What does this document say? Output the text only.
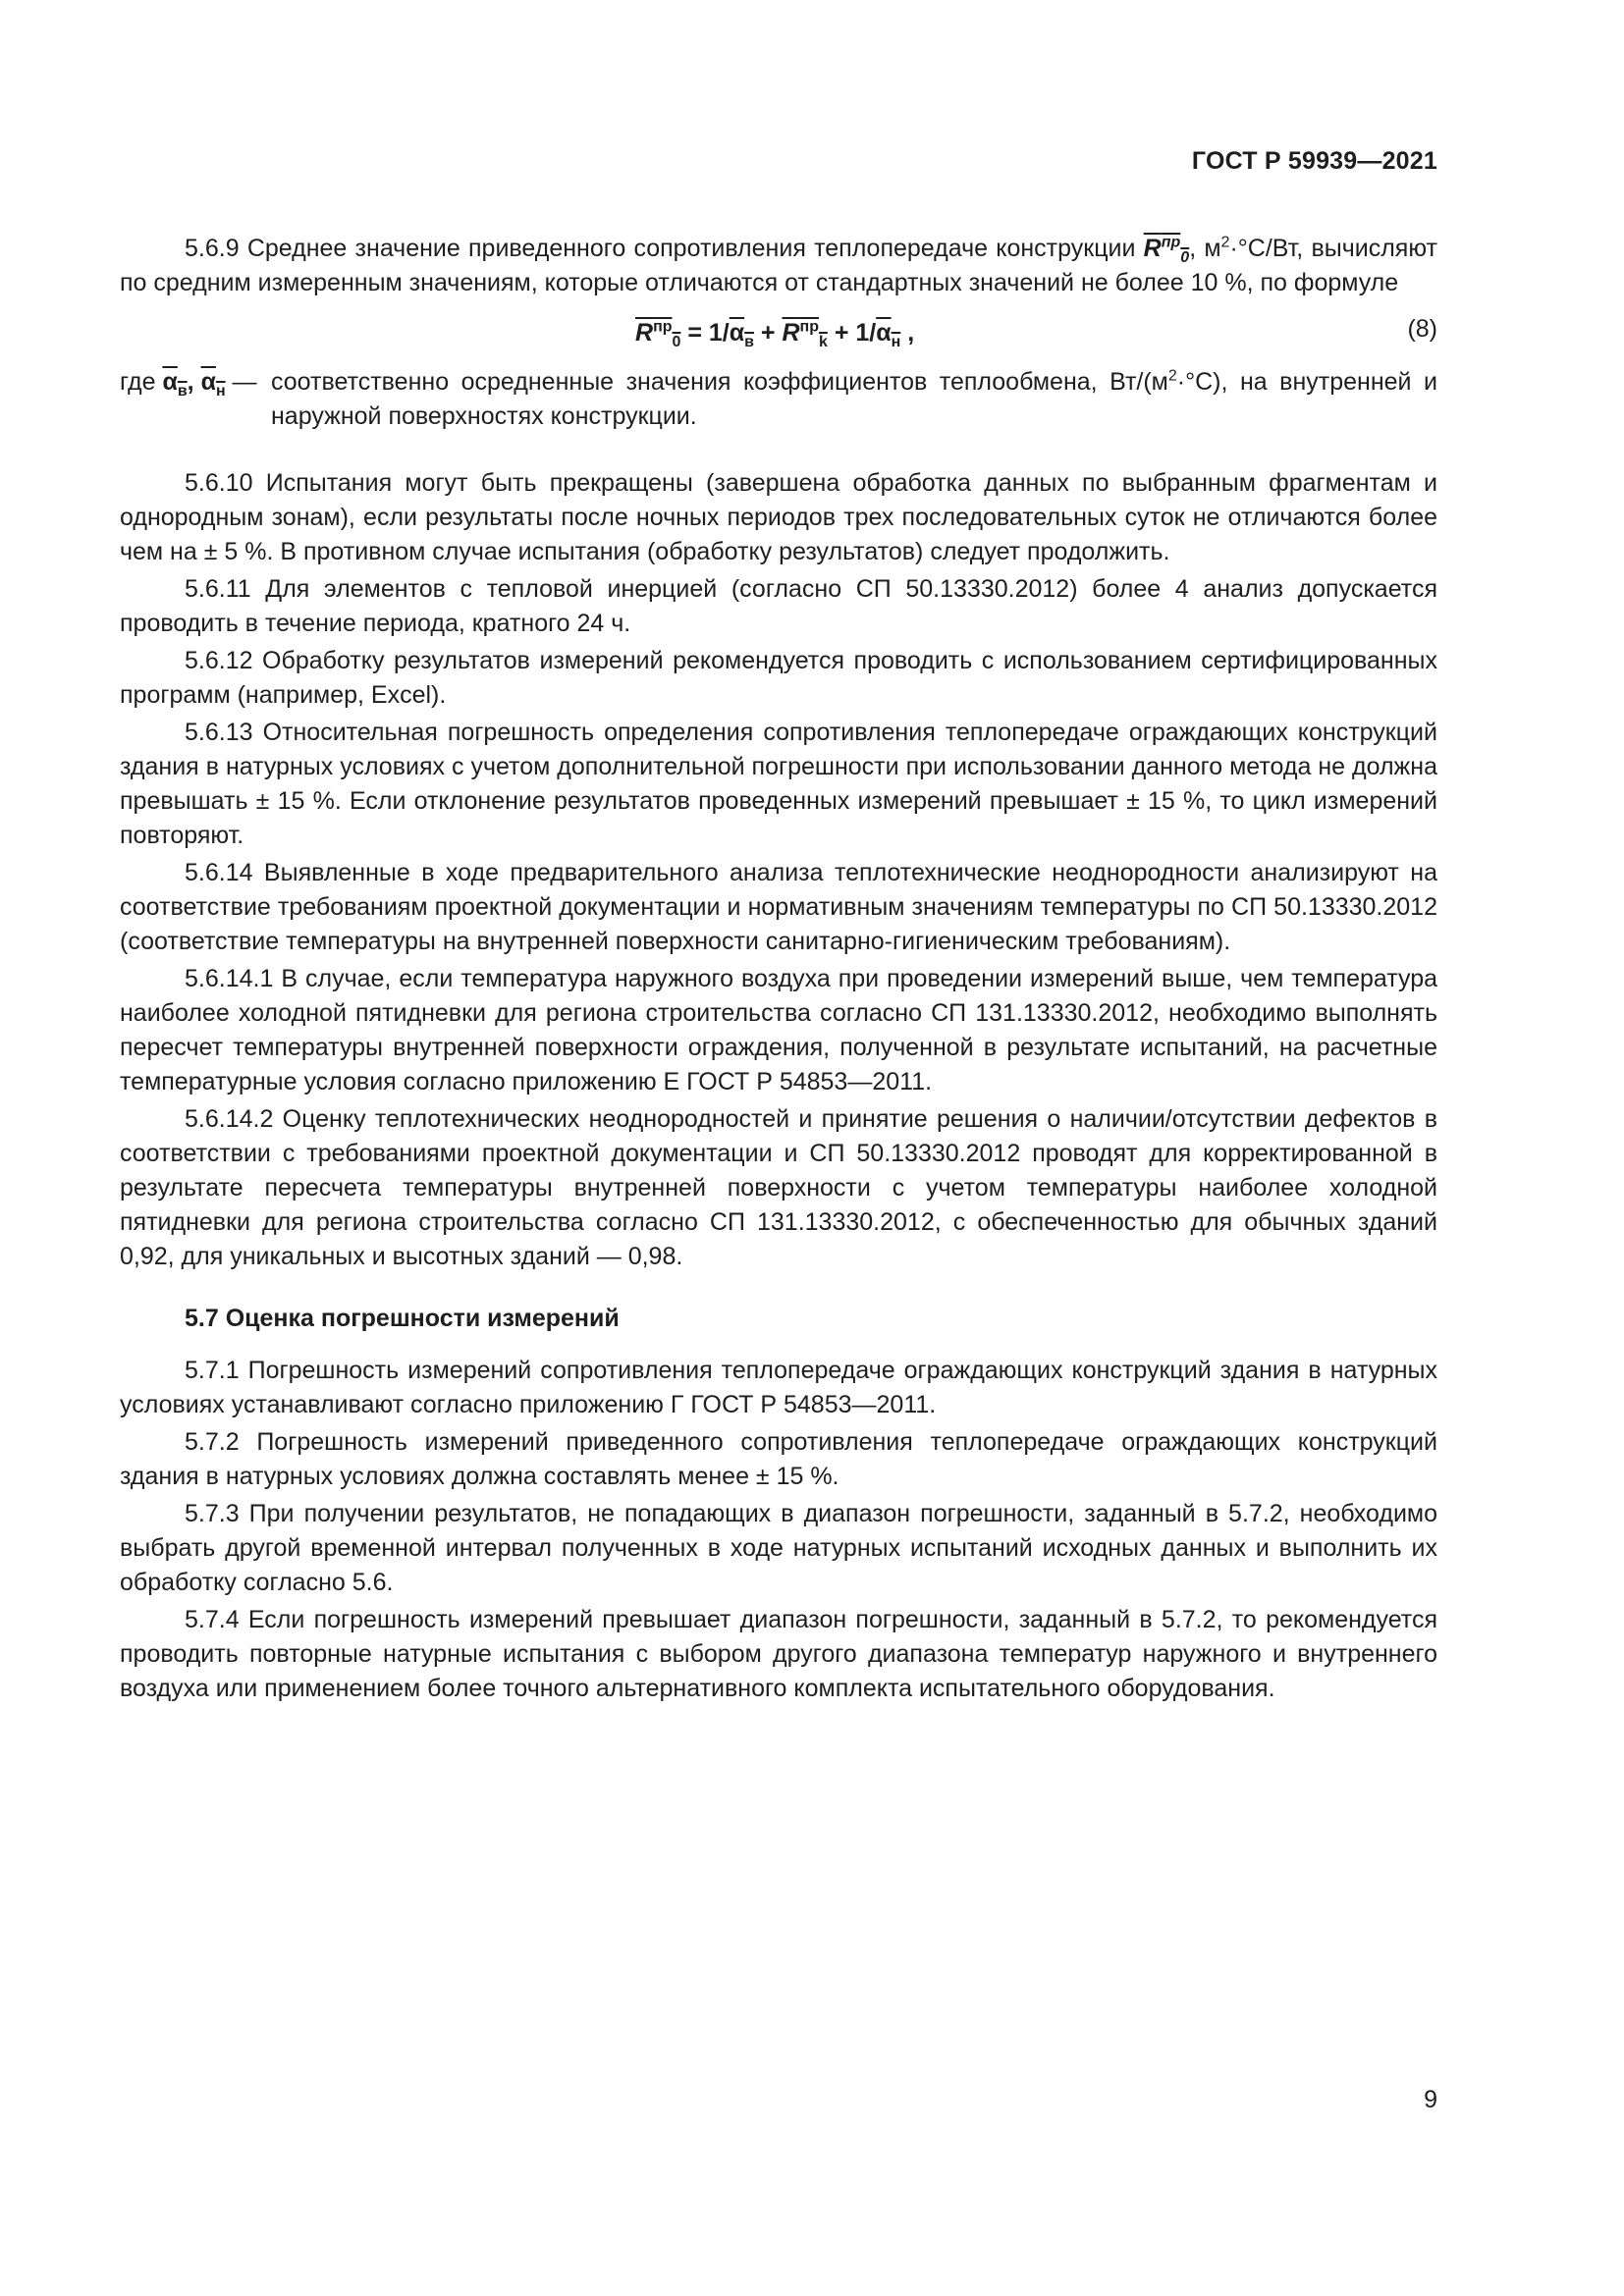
ГОСТ Р 59939—2021

5.6.9 Среднее значение приведенного сопротивления теплопередаче конструкции $R^{пр}_0$, $м^2\cdot^\circ С/Вт$, вычисляют по средним измеренным значениям, которые отличаются от стандартных значений не более 10 %, по формуле

$R^{пр}_0 = 1/\alpha_в + R^{пр}_k + 1/\alpha_н$ ,	(8)
где $\alpha_в$, $\alpha_н$ — соответственно осредненные значения коэффициентов теплообмена, $Вт/(м^2\cdot^\circ С)$, на внутренней и наружной поверхностях конструкции.

5.6.10 Испытания могут быть прекращены (завершена обработка данных по выбранным фрагментам и однородным зонам), если результаты после ночных периодов трех последовательных суток не отличаются более чем на ± 5 %. В противном случае испытания (обработку результатов) следует продолжить.

5.6.11 Для элементов с тепловой инерцией (согласно СП 50.13330.2012) более 4 анализ допускается проводить в течение периода, кратного 24 ч.

5.6.12 Обработку результатов измерений рекомендуется проводить с использованием сертифицированных программ (например, Excel).

5.6.13 Относительная погрешность определения сопротивления теплопередаче ограждающих конструкций здания в натурных условиях с учетом дополнительной погрешности при использовании данного метода не должна превышать ± 15 %. Если отклонение результатов проведенных измерений превышает ± 15 %, то цикл измерений повторяют.

5.6.14 Выявленные в ходе предварительного анализа теплотехнические неоднородности анализируют на соответствие требованиям проектной документации и нормативным значениям температуры по СП 50.13330.2012 (соответствие температуры на внутренней поверхности санитарно-гигиеническим требованиям).

5.6.14.1 В случае, если температура наружного воздуха при проведении измерений выше, чем температура наиболее холодной пятидневки для региона строительства согласно СП 131.13330.2012, необходимо выполнять пересчет температуры внутренней поверхности ограждения, полученной в результате испытаний, на расчетные температурные условия согласно приложению Е ГОСТ Р 54853—2011.

5.6.14.2 Оценку теплотехнических неоднородностей и принятие решения о наличии/отсутствии дефектов в соответствии с требованиями проектной документации и СП 50.13330.2012 проводят для корректированной в результате пересчета температуры внутренней поверхности с учетом температуры наиболее холодной пятидневки для региона строительства согласно СП 131.13330.2012, с обеспеченностью для обычных зданий 0,92, для уникальных и высотных зданий — 0,98.

5.7 Оценка погрешности измерений

5.7.1 Погрешность измерений сопротивления теплопередаче ограждающих конструкций здания в натурных условиях устанавливают согласно приложению Г ГОСТ Р 54853—2011.

5.7.2 Погрешность измерений приведенного сопротивления теплопередаче ограждающих конструкций здания в натурных условиях должна составлять менее ± 15 %.

5.7.3 При получении результатов, не попадающих в диапазон погрешности, заданный в 5.7.2, необходимо выбрать другой временной интервал полученных в ходе натурных испытаний исходных данных и выполнить их обработку согласно 5.6.

5.7.4 Если погрешность измерений превышает диапазон погрешности, заданный в 5.7.2, то рекомендуется проводить повторные натурные испытания с выбором другого диапазона температур наружного и внутреннего воздуха или применением более точного альтернативного комплекта испытательного оборудования.

9
